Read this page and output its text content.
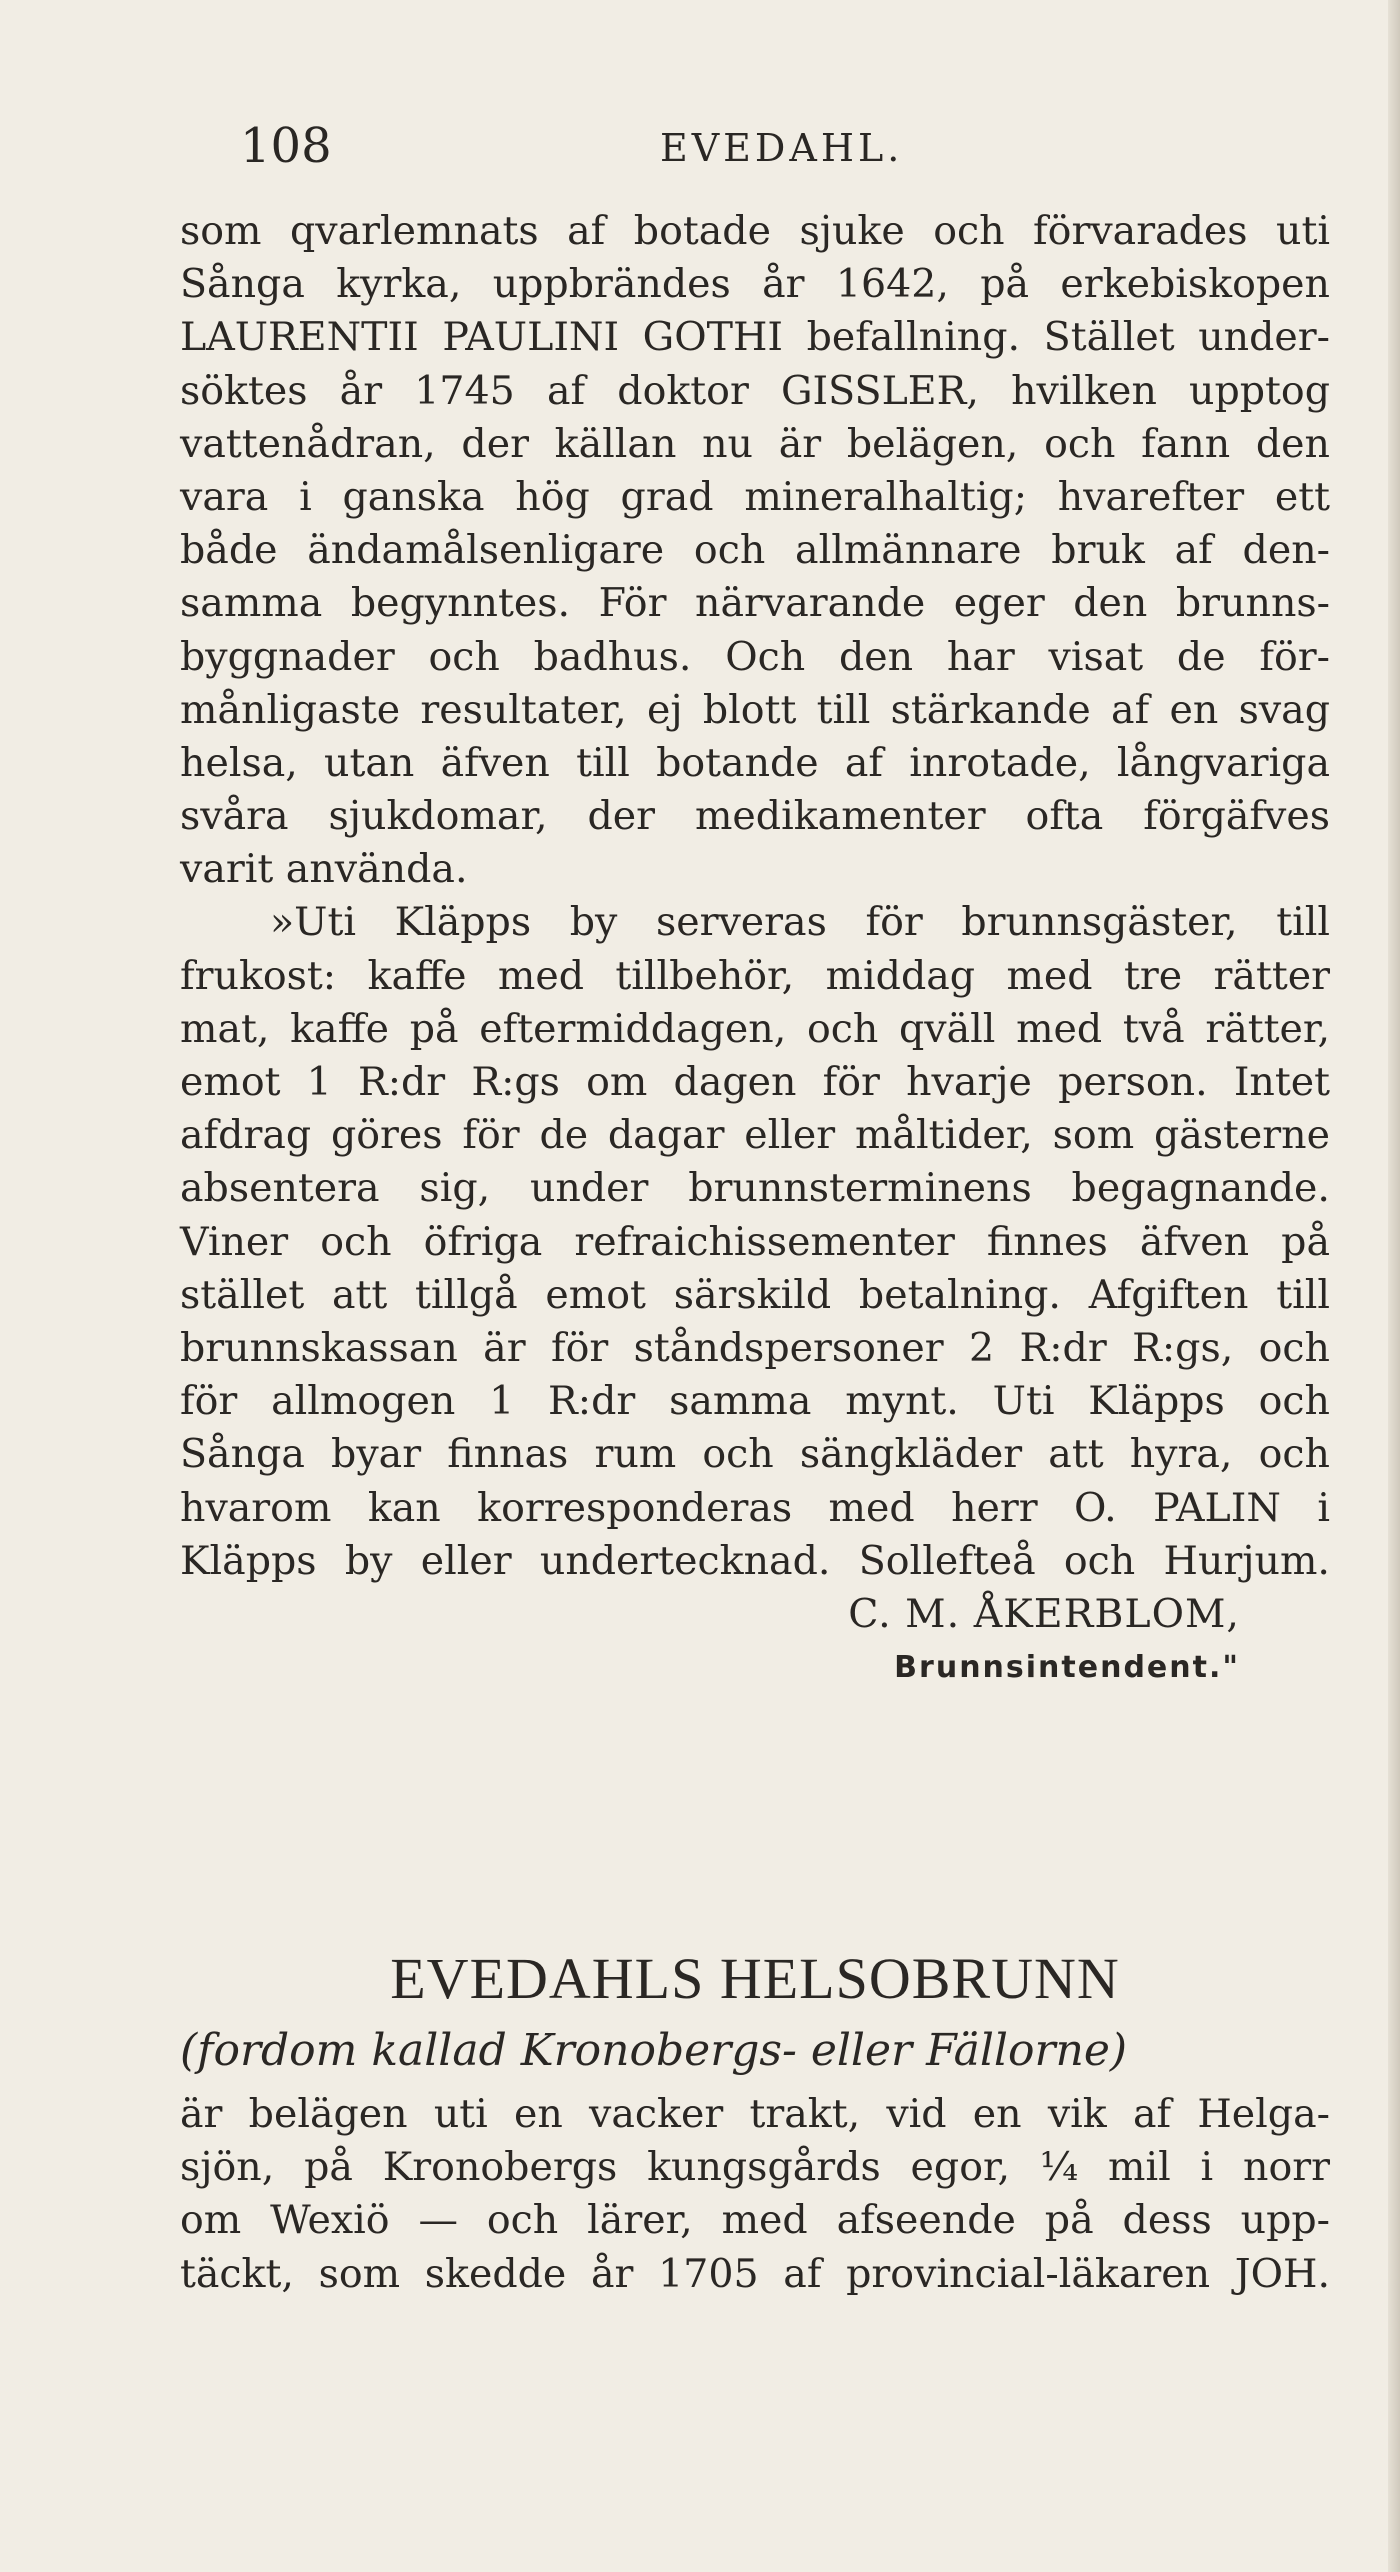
108	EVEDAHL.
som qvarlemnats af botade sjuke och förvarades uti
Sånga kyrka, uppbrändes år 1642, på erkebiskopen
LAURENTII PAULINI GOTHI befallning. Stället under-
söktes år 1745 af doktor GISSLER, hvilken upptog
vattenådran, der källan nu är belägen, och fann den
vara i ganska hög grad mineralhaltig; hvarefter ett
både ändamålsenligare och allmännare bruk af den-
samma begynntes. För närvarande eger den brunns-
byggnader och badhus. Och den har visat de för-
månligaste resultater, ej blott till stärkande af en svag
helsa, utan äfven till botande af inrotade, långvariga
svåra sjukdomar, der medikamenter ofta förgäfves
varit använda.
»Uti Kläpps by serveras för brunnsgäster, till
frukost: kaffe med tillbehör, middag med tre rätter
mat, kaffe på eftermiddagen, och qväll med två rätter,
emot 1 R:dr R:gs om dagen för hvarje person. Intet
afdrag göres för de dagar eller måltider, som gästerne
absentera sig, under brunnsterminens begagnande.
Viner och öfriga refraichissementer finnes äfven på
stället att tillgå emot särskild betalning. Afgiften till
brunnskassan är för ståndspersoner 2 R:dr R:gs, och
för allmogen 1 R:dr samma mynt. Uti Kläpps och
Sånga byar finnas rum och sängkläder att hyra, och
hvarom kan korresponderas med herr O. PALIN i
Kläpps by eller undertecknad. Sollefteå och Hurjum.
C. M. ÅKERBLOM,
Brunnsintendent."
EVEDAHLS HELSOBRUNN
(fordom kallad Kronobergs- eller Fällorne)
är belägen uti en vacker trakt, vid en vik af Helga-
sjön, på Kronobergs kungsgårds egor, ¼ mil i norr
om Wexiö — och lärer, med afseende på dess upp-
täckt, som skedde år 1705 af provincial-läkaren JOH.
